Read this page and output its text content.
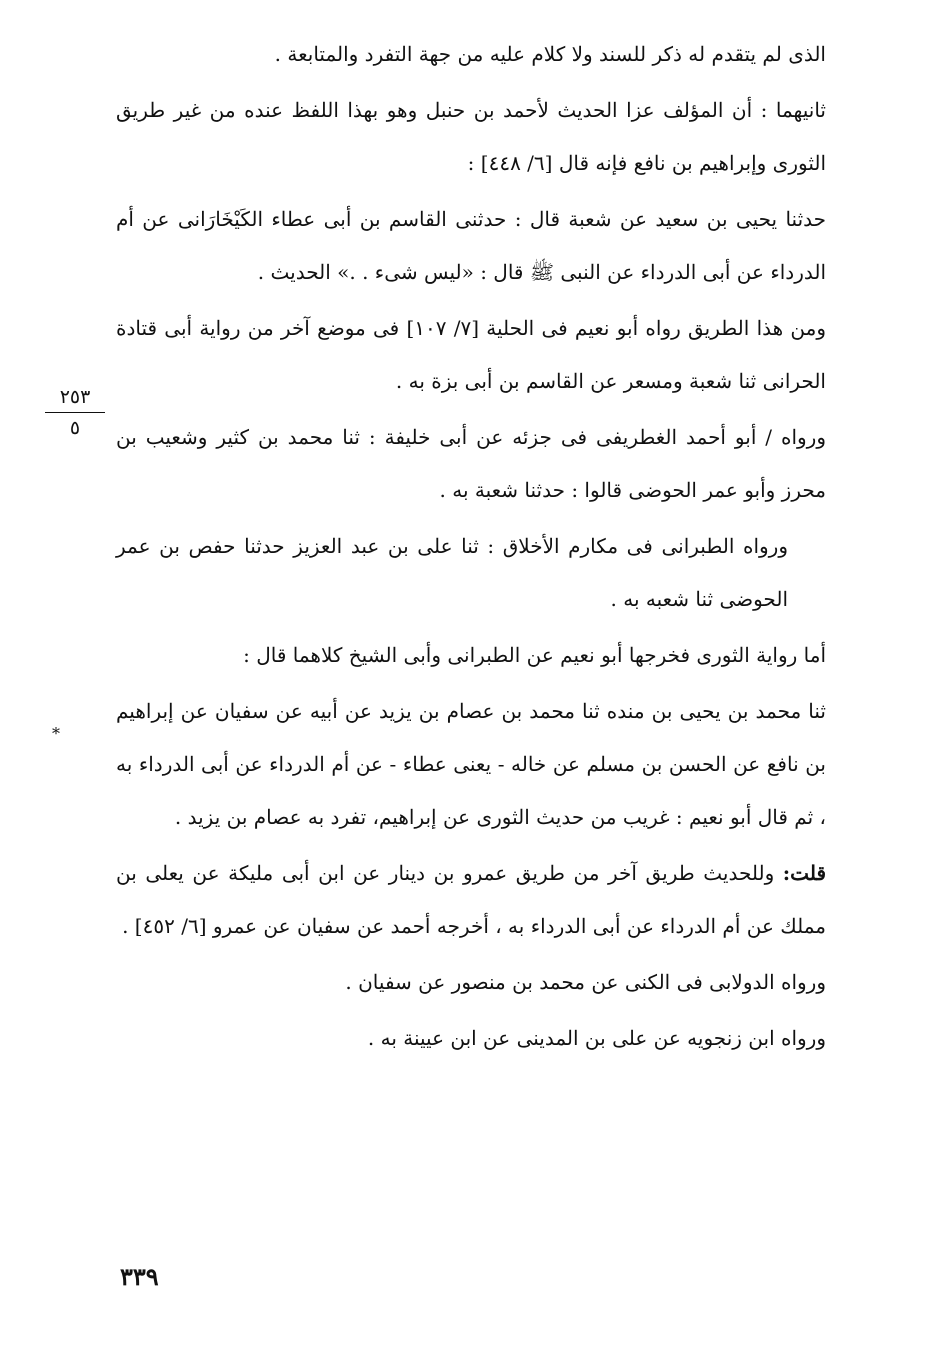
الذى لم يتقدم له ذكر للسند ولا كلام عليه من جهة التفرد والمتابعة .

ثانيهما : أن المؤلف عزا الحديث لأحمد بن حنبل وهو بهذا اللفظ عنده من غير طريق الثورى وإبراهيم بن نافع فإنه قال [٦/ ٤٤٨] :

حدثنا يحيى بن سعيد عن شعبة قال : حدثنى القاسم بن أبى عطاء الكَيْخَارَانى عن أم الدرداء عن أبى الدرداء عن النبى ﷺ قال : «ليس شىء . .» الحديث .

ومن هذا الطريق رواه أبو نعيم فى الحلية [٧/ ١٠٧] فى موضع آخر من رواية أبى قتادة الحرانى ثنا شعبة ومسعر عن القاسم بن أبى بزة به .

ورواه / أبو أحمد الغطريفى فى جزئه عن أبى خليفة : ثنا محمد بن كثير وشعيب بن محرز وأبو عمر الحوضى قالوا : حدثنا شعبة به .

ورواه الطبرانى فى مكارم الأخلاق : ثنا على بن عبد العزيز حدثنا حفص بن عمر الحوضى ثنا شعبه به .

أما رواية الثورى فخرجها أبو نعيم عن الطبرانى وأبى الشيخ كلاهما قال :

ثنا محمد بن يحيى بن منده ثنا محمد بن عصام بن يزيد عن أبيه عن سفيان عن إبراهيم بن نافع عن الحسن بن مسلم عن خاله - يعنى عطاء - عن أم الدرداء عن أبى الدرداء به ، ثم قال أبو نعيم : غريب من حديث الثورى عن إبراهيم، تفرد به عصام بن يزيد .

قلت: وللحديث طريق آخر من طريق عمرو بن دينار عن ابن أبى مليكة عن يعلى بن مملك عن أم الدرداء عن أبى الدرداء به ، أخرجه أحمد عن سفيان عن عمرو [٦/ ٤٥٢] .

ورواه الدولابى فى الكنى عن محمد بن منصور عن سفيان .

ورواه ابن زنجويه عن على بن المدينى عن ابن عيينة به .

٢٥٣
٥
*
٣٣٩
